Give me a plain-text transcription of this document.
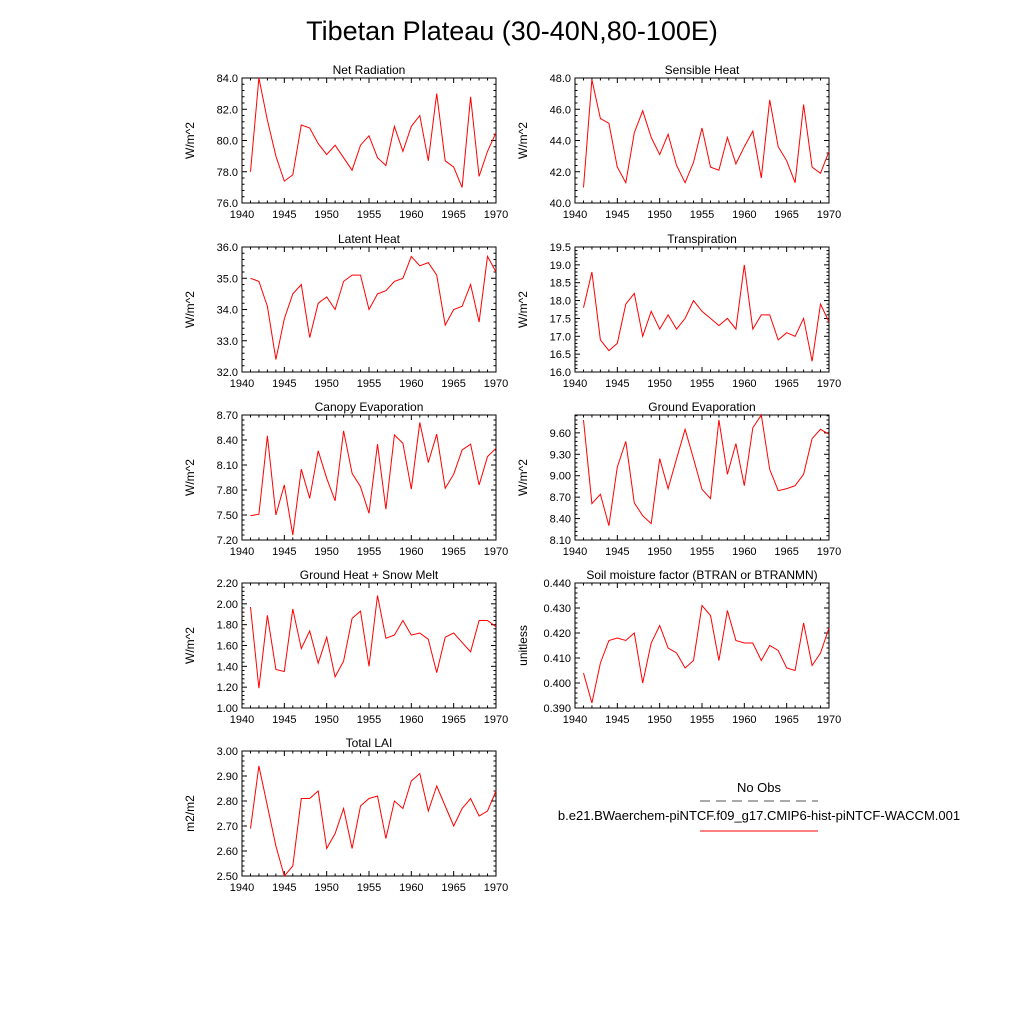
Tibetan Plateau (30-40N,80-100E)
1940 1945 1950 1955 1960 1965 1970
76.0
78.0
80.0
82.0
84.0
Net Radiation
W/m^2
1940 1945 1950 1955 1960 1965 1970
40.0
42.0
44.0
46.0
48.0
Sensible Heat
W/m^2
1940 1945 1950 1955 1960 1965 1970
32.0
33.0
34.0
35.0
36.0
Latent Heat
W/m^2
1940 1945 1950 1955 1960 1965 1970
16.0
16.5
17.0
17.5
18.0
18.5
19.0
19.5
Transpiration
W/m^2
1940 1945 1950 1955 1960 1965 1970
7.20
7.50
7.80
8.10
8.40
8.70
Canopy Evaporation
W/m^2
1940 1945 1950 1955 1960 1965 1970
8.10
8.40
8.70
9.00
9.30
9.60
Ground Evaporation
W/m^2
1940 1945 1950 1955 1960 1965 1970
1.00
1.20
1.40
1.60
1.80
2.00
2.20
Ground Heat + Snow Melt
W/m^2
1940 1945 1950 1955 1960 1965 1970
0.390
0.400
0.410
0.420
0.430
0.440
Soil moisture factor (BTRAN or BTRANMN)
unitless
1940 1945 1950 1955 1960 1965 1970
2.50
2.60
2.70
2.80
2.90
3.00
Total LAI
m2/m2
No Obs
b.e21.BWaerchem-piNTCF.f09_g17.CMIP6-hist-piNTCF-WACCM.001
